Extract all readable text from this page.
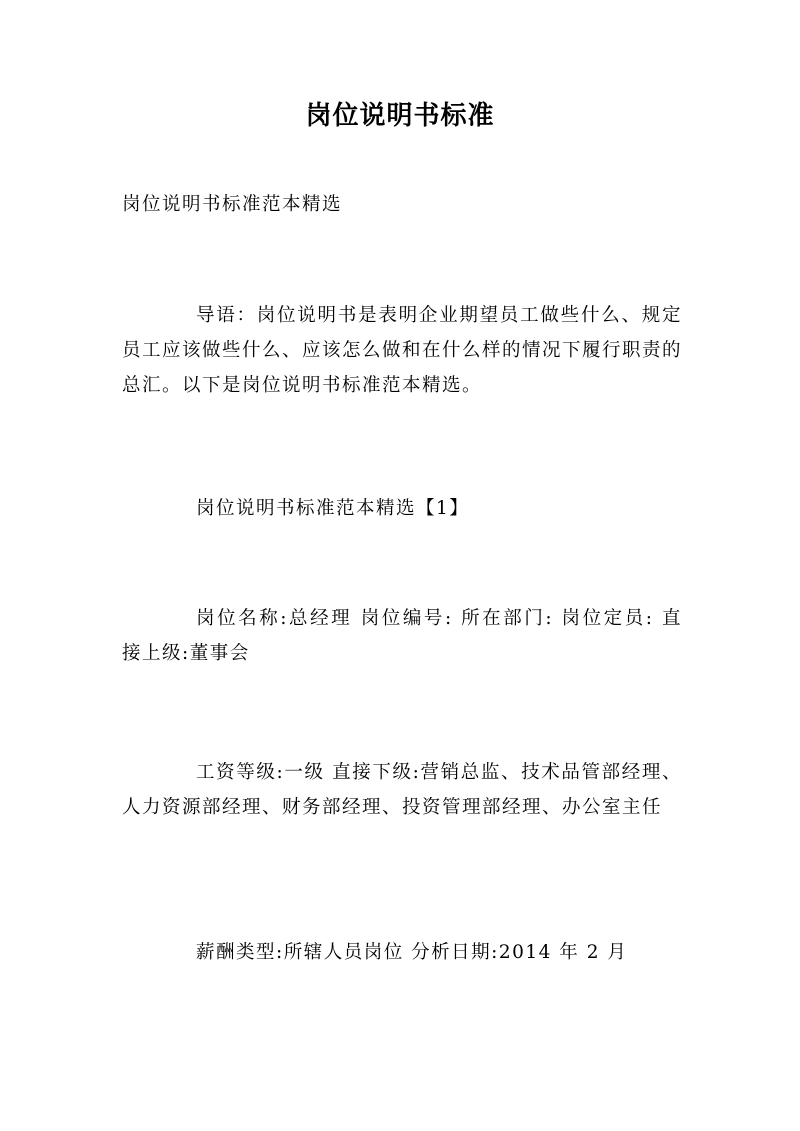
岗位说明书标准
岗位说明书标准范本精选
导语：岗位说明书是表明企业期望员工做些什么、规定员工应该做些什么、应该怎么做和在什么样的情况下履行职责的总汇。以下是岗位说明书标准范本精选。
岗位说明书标准范本精选【1】
岗位名称:总经理 岗位编号: 所在部门: 岗位定员: 直 接上级:董事会
工资等级:一级 直接下级:营销总监、技术品管部经理、人力资源部经理、财务部经理、投资管理部经理、办公室主任
薪酬类型:所辖人员岗位 分析日期:2014 年 2 月
